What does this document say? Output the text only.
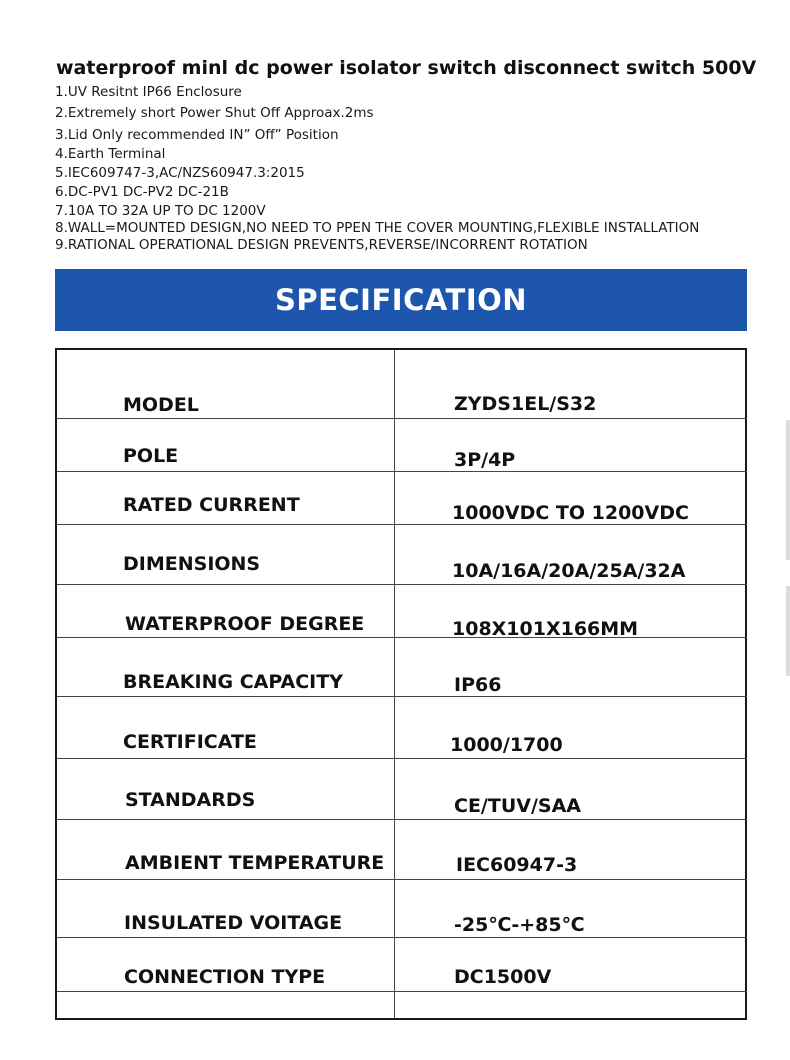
waterproof minl dc power isolator switch disconnect switch 500V
1.UV Resitnt IP66 Enclosure
2.Extremely short Power Shut Off Approax.2ms
3.Lid Only recommended IN” Off” Position
4.Earth Terminal
5.IEC609747-3,AC/NZS60947.3:2015
6.DC-PV1 DC-PV2 DC-21B
7.10A TO 32A UP TO DC 1200V
8.WALL=MOUNTED DESIGN,NO NEED TO PPEN THE COVER MOUNTING,FLEXIBLE INSTALLATION
9.RATIONAL OPERATIONAL DESIGN PREVENTS,REVERSE/INCORRENT ROTATION
SPECIFICATION
MODEL
POLE
RATED CURRENT
DIMENSIONS
WATERPROOF DEGREE
BREAKING CAPACITY
CERTIFICATE
STANDARDS
AMBIENT TEMPERATURE
INSULATED VOITAGE
CONNECTION TYPE
ZYDS1EL/S32
3P/4P
1000VDC TO 1200VDC
10A/16A/20A/25A/32A
108X101X166MM
IP66
1000/1700
CE/TUV/SAA
IEC60947-3
-25℃-+85℃
DC1500V
